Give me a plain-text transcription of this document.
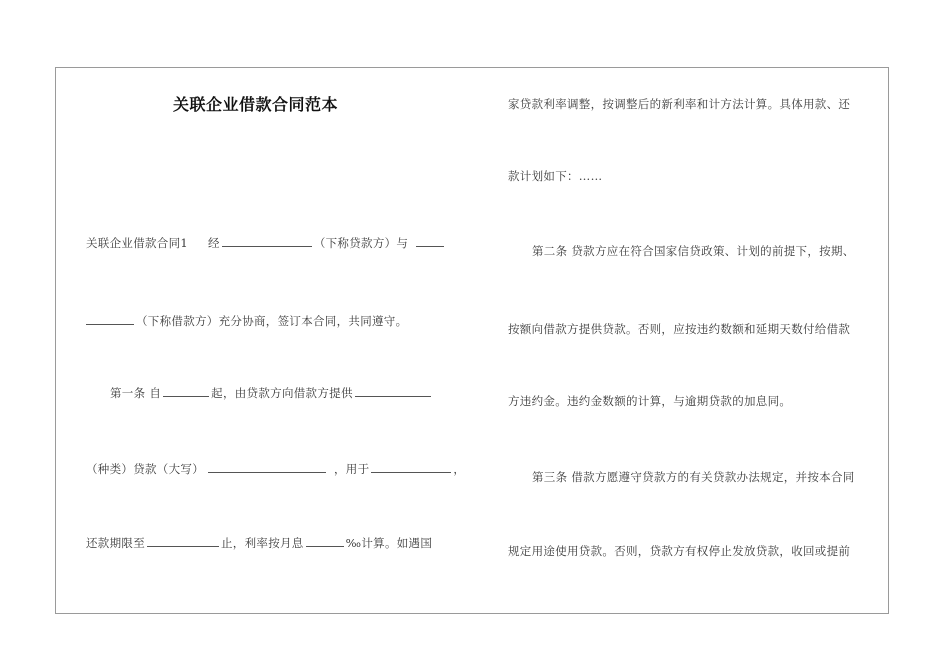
关联企业借款合同范本
关联企业借款合同1 经	（下称贷款方）与
（下称借款方）充分协商，签订本合同，共同遵守。
第一条 自	起，由贷款方向借款方提供
（种类）贷款（大写）	，用于	，
还款期限至	止，利率按月息	‰计算。如遇国
家贷款利率调整，按调整后的新利率和计方法计算。具体用款、还
款计划如下：……
第二条 贷款方应在符合国家信贷政策、计划的前提下，按期、
按额向借款方提供贷款。否则，应按违约数额和延期天数付给借款
方违约金。违约金数额的计算，与逾期贷款的加息同。
第三条 借款方愿遵守贷款方的有关贷款办法规定，并按本合同
规定用途使用贷款。否则，贷款方有权停止发放贷款，收回或提前
